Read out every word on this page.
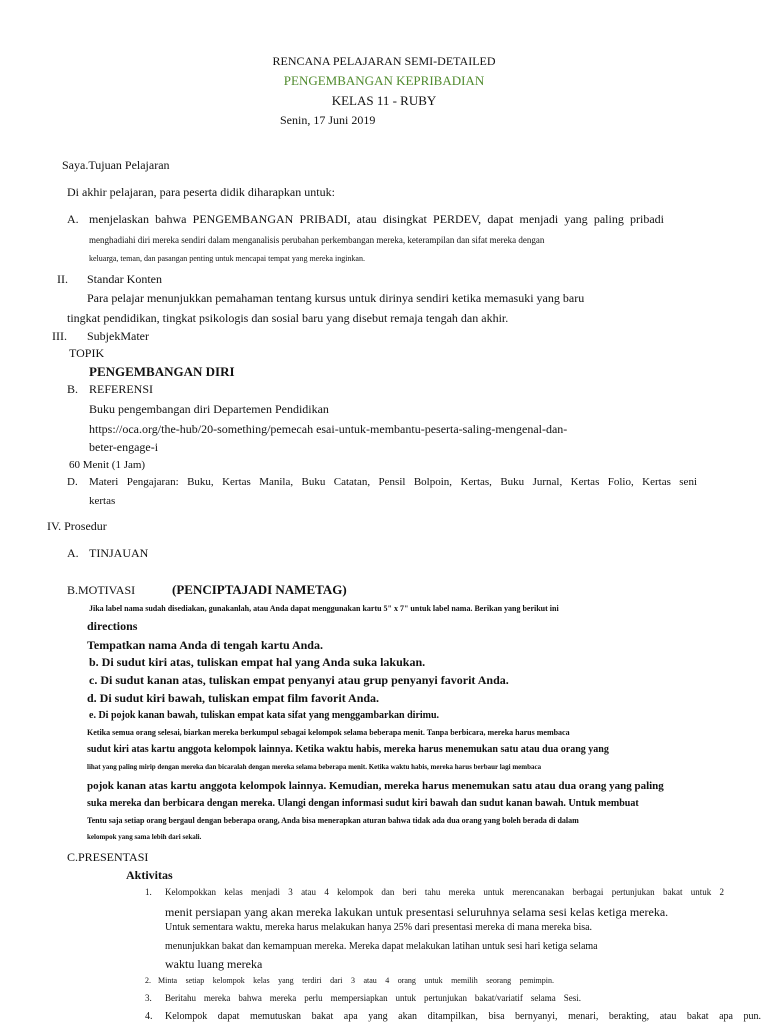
RENCANA PELAJARAN SEMI-DETAILED
PENGEMBANGAN KEPRIBADIAN
KELAS 11 - RUBY
Senin, 17 Juni 2019
Saya.Tujuan Pelajaran
Di akhir pelajaran, para peserta didik diharapkan untuk:
A. menjelaskan bahwa PENGEMBANGAN PRIBADI, atau disingkat PERDEV, dapat menjadi yang paling pribadi
menghadiahi diri mereka sendiri dalam menganalisis perubahan perkembangan mereka, keterampilan dan sifat mereka dengan
keluarga, teman, dan pasangan penting untuk mencapai tempat yang mereka inginkan.
II. Standar Konten
Para pelajar menunjukkan pemahaman tentang kursus untuk dirinya sendiri ketika memasuki yang baru
tingkat pendidikan, tingkat psikologis dan sosial baru yang disebut remaja tengah dan akhir.
III. SubjekMater
TOPIK
PENGEMBANGAN DIRI
B. REFERENSI
Buku pengembangan diri Departemen Pendidikan
https://oca.org/the-hub/20-something/pemecah esai-untuk-membantu-peserta-saling-mengenal-dan-
beter-engage-i
60 Menit (1 Jam)
D. Materi Pengajaran: Buku, Kertas Manila, Buku Catatan, Pensil Bolpoin, Kertas, Buku Jurnal, Kertas Folio, Kertas seni
kertas
IV. Prosedur
A. TINJAUAN
B.MOTIVASI	(PENCIPTAJADI NAMETAG)
Jika label nama sudah disediakan, gunakanlah, atau Anda dapat menggunakan kartu 5" x 7" untuk label nama. Berikan yang berikut ini
directions
Tempatkan nama Anda di tengah kartu Anda.
b. Di sudut kiri atas, tuliskan empat hal yang Anda suka lakukan.
c. Di sudut kanan atas, tuliskan empat penyanyi atau grup penyanyi favorit Anda.
d. Di sudut kiri bawah, tuliskan empat film favorit Anda.
e. Di pojok kanan bawah, tuliskan empat kata sifat yang menggambarkan dirimu.
Ketika semua orang selesai, biarkan mereka berkumpul sebagai kelompok selama beberapa menit. Tanpa berbicara, mereka harus membaca
sudut kiri atas kartu anggota kelompok lainnya. Ketika waktu habis, mereka harus menemukan satu atau dua orang yang
lihat yang paling mirip dengan mereka dan bicaralah dengan mereka selama beberapa menit. Ketika waktu habis, mereka harus berbaur lagi membaca
pojok kanan atas kartu anggota kelompok lainnya. Kemudian, mereka harus menemukan satu atau dua orang yang paling
suka mereka dan berbicara dengan mereka. Ulangi dengan informasi sudut kiri bawah dan sudut kanan bawah. Untuk membuat
Tentu saja setiap orang bergaul dengan beberapa orang, Anda bisa menerapkan aturan bahwa tidak ada dua orang yang boleh berada di dalam
kelompok yang sama lebih dari sekali.
C.PRESENTASI
Aktivitas
1. Kelompokkan kelas menjadi 3 atau 4 kelompok dan beri tahu mereka untuk merencanakan berbagai pertunjukan bakat untuk 2
menit persiapan yang akan mereka lakukan untuk presentasi seluruhnya selama sesi kelas ketiga mereka.
Untuk sementara waktu, mereka harus melakukan hanya 25% dari presentasi mereka di mana mereka bisa.
menunjukkan bakat dan kemampuan mereka. Mereka dapat melakukan latihan untuk sesi hari ketiga selama
waktu luang mereka
2. Minta setiap kelompok kelas yang terdiri dari 3 atau 4 orang untuk memilih seorang pemimpin.
3. Beritahu mereka bahwa mereka perlu mempersiapkan untuk pertunjukan bakat/variatif selama Sesi.
4. Kelompok dapat memutuskan bakat apa yang akan ditampilkan, bisa bernyanyi, menari, berakting, atau bakat apa pun.
